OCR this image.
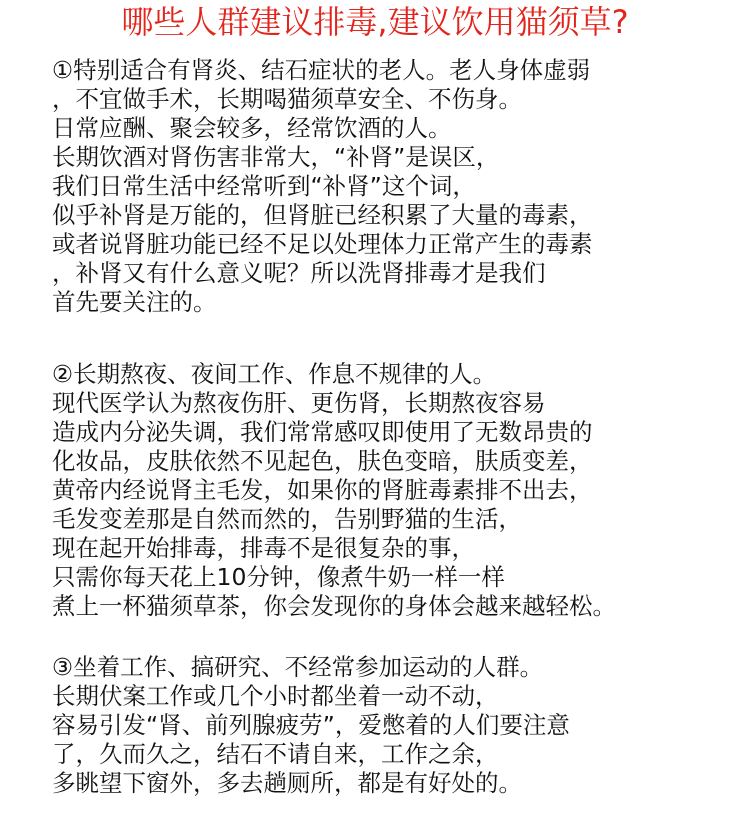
哪些人群建议排毒,建议饮用猫须草?
①特别适合有肾炎、结石症状的老人。老人身体虚弱
，不宜做手术，长期喝猫须草安全、不伤身。
日常应酬、聚会较多，经常饮酒的人。
长期饮酒对肾伤害非常大，“补肾”是误区，
我们日常生活中经常听到“补肾”这个词，
似乎补肾是万能的，但肾脏已经积累了大量的毒素，
或者说肾脏功能已经不足以处理体力正常产生的毒素
，补肾又有什么意义呢？所以洗肾排毒才是我们
首先要关注的。
②长期熬夜、夜间工作、作息不规律的人。
现代医学认为熬夜伤肝、更伤肾，长期熬夜容易
造成内分泌失调，我们常常感叹即使用了无数昂贵的
化妆品，皮肤依然不见起色，肤色变暗，肤质变差，
黄帝内经说肾主毛发，如果你的肾脏毒素排不出去，
毛发变差那是自然而然的，告别野猫的生活，
现在起开始排毒，排毒不是很复杂的事，
只需你每天花上10分钟，像煮牛奶一样一样
煮上一杯猫须草茶，你会发现你的身体会越来越轻松。
③坐着工作、搞研究、不经常参加运动的人群。
长期伏案工作或几个小时都坐着一动不动，
容易引发“肾、前列腺疲劳”，爱憋着的人们要注意
了，久而久之，结石不请自来，工作之余，
多眺望下窗外，多去趟厕所，都是有好处的。
